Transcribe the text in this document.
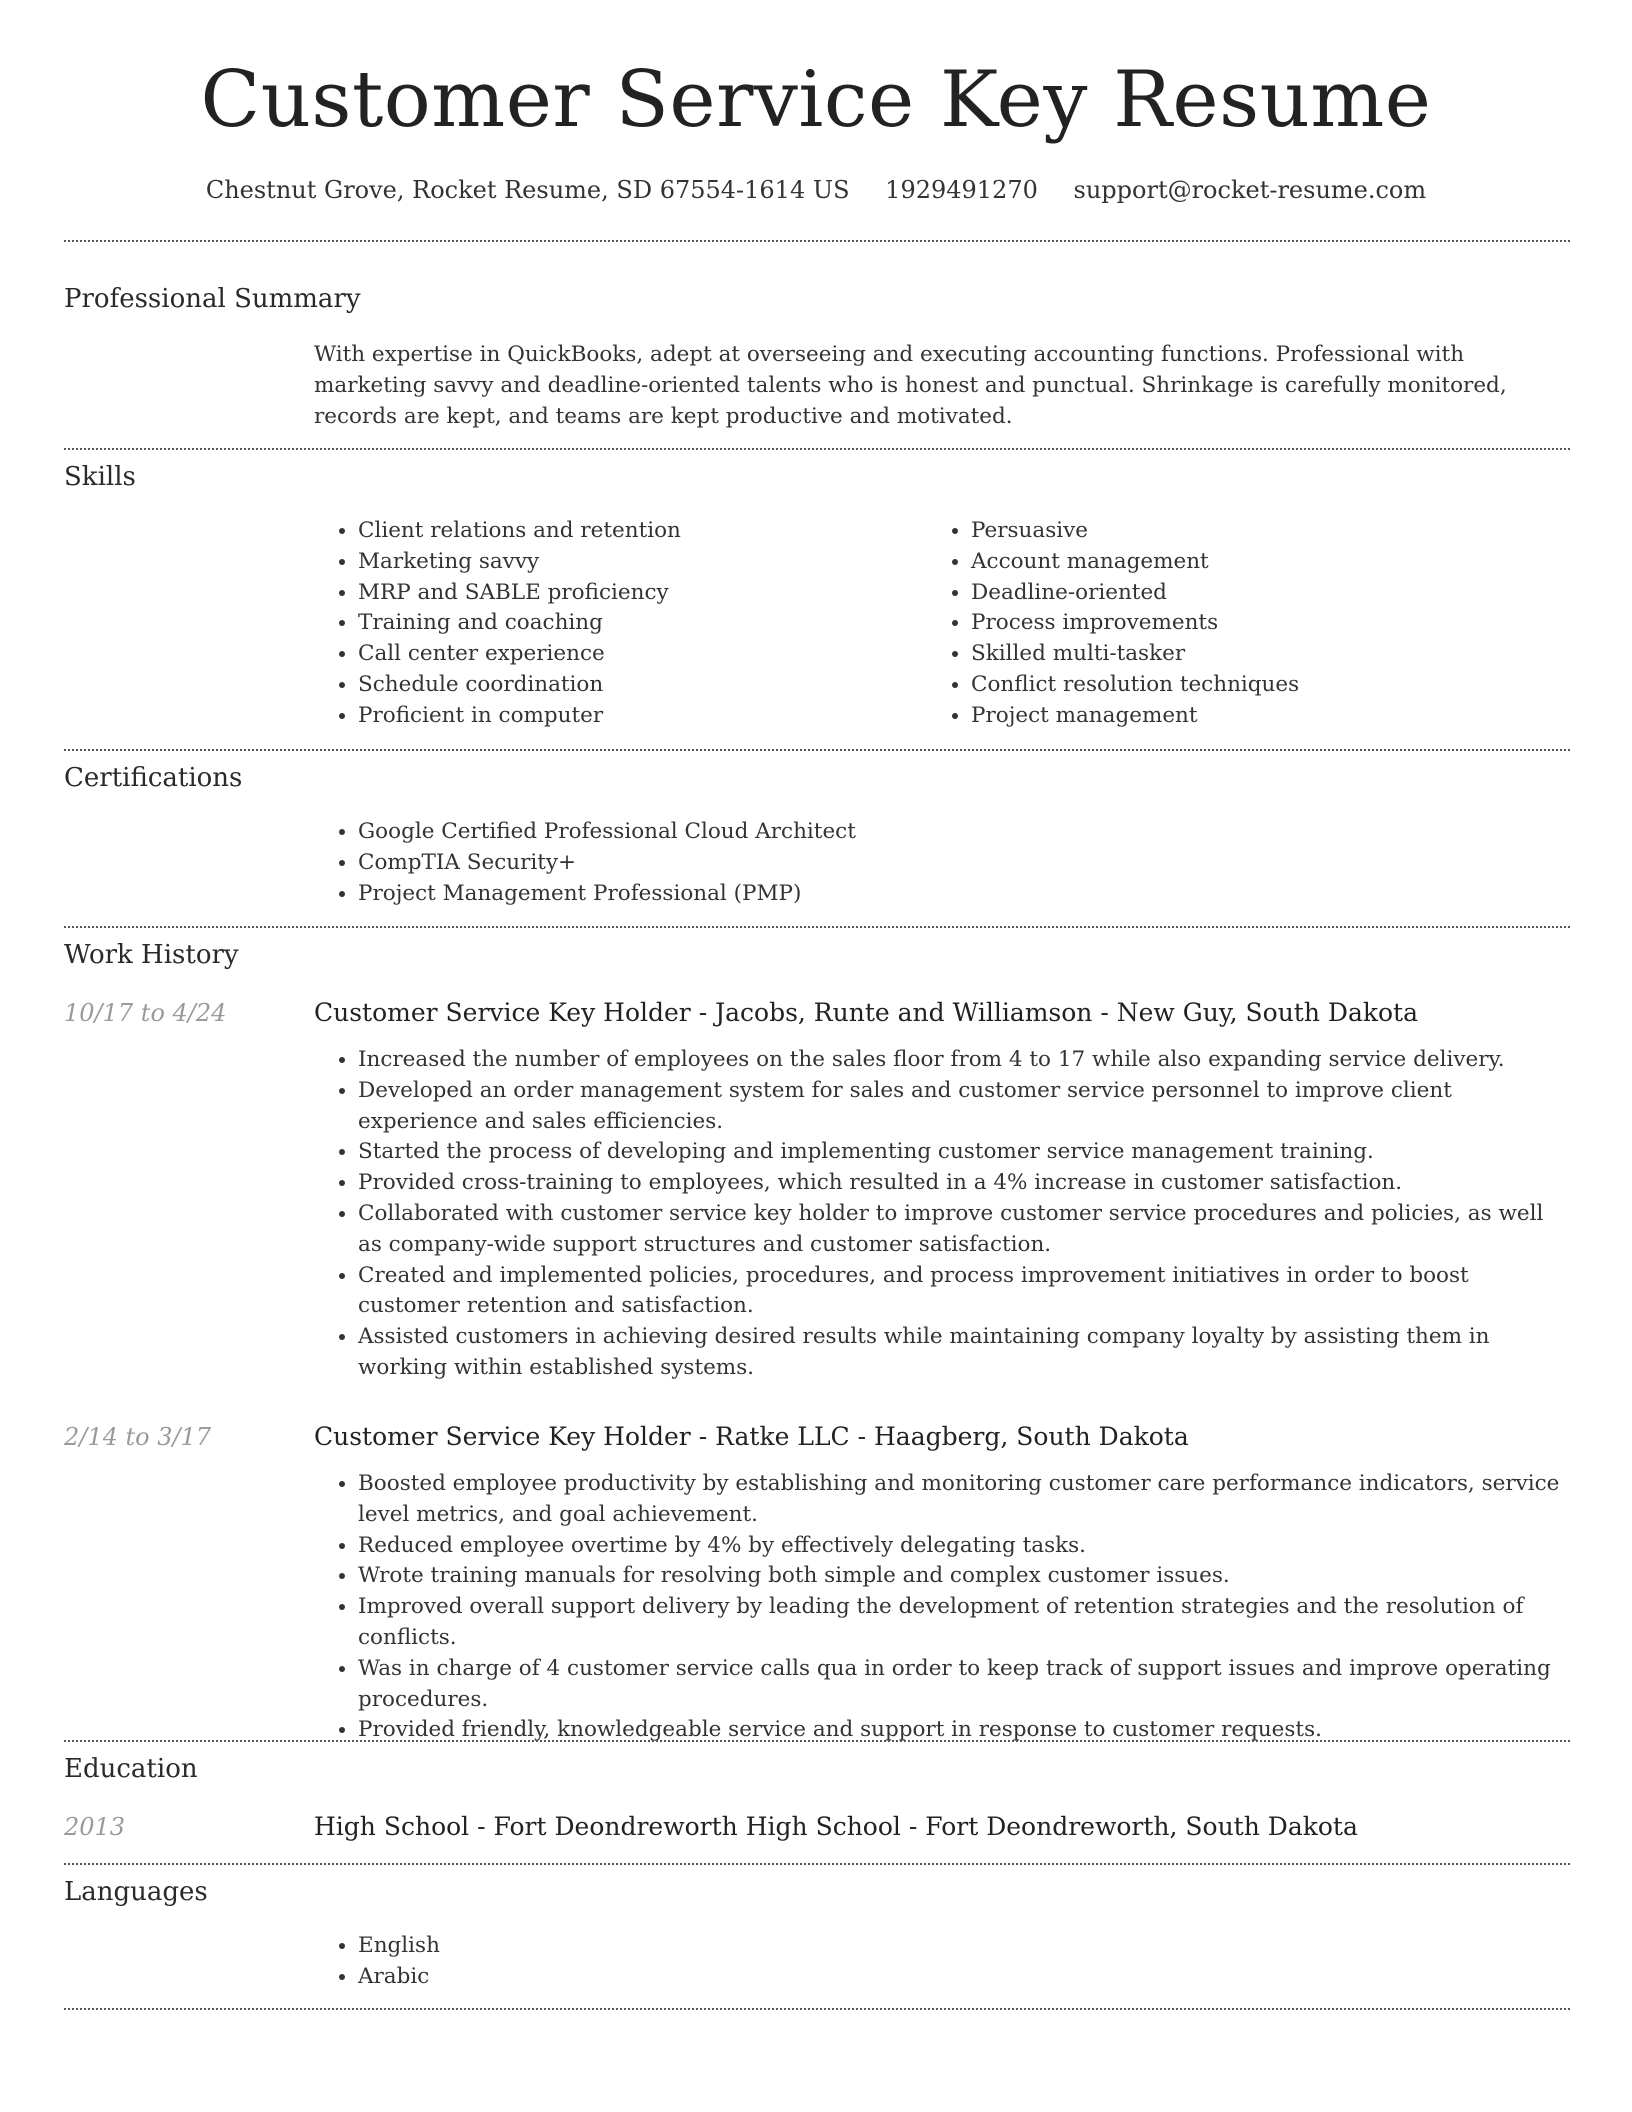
Customer Service Key Resume
Chestnut Grove, Rocket Resume, SD 67554-1614 US 1929491270 support@rocket-resume.com
Professional Summary
With expertise in QuickBooks, adept at overseeing and executing accounting functions. Professional with marketing savvy and deadline-oriented talents who is honest and punctual. Shrinkage is carefully monitored, records are kept, and teams are kept productive and motivated.
Skills
• Client relations and retention
• Marketing savvy
• MRP and SABLE proficiency
• Training and coaching
• Call center experience
• Schedule coordination
• Proficient in computer
• Persuasive
• Account management
• Deadline-oriented
• Process improvements
• Skilled multi-tasker
• Conflict resolution techniques
• Project management
Certifications
• Google Certified Professional Cloud Architect
• CompTIA Security+
• Project Management Professional (PMP)
Work History
10/17 to 4/24	Customer Service Key Holder - Jacobs, Runte and Williamson - New Guy, South Dakota
• Increased the number of employees on the sales floor from 4 to 17 while also expanding service delivery.
• Developed an order management system for sales and customer service personnel to improve client experience and sales efficiencies.
• Started the process of developing and implementing customer service management training.
• Provided cross-training to employees, which resulted in a 4% increase in customer satisfaction.
• Collaborated with customer service key holder to improve customer service procedures and policies, as well as company-wide support structures and customer satisfaction.
• Created and implemented policies, procedures, and process improvement initiatives in order to boost customer retention and satisfaction.
• Assisted customers in achieving desired results while maintaining company loyalty by assisting them in working within established systems.
2/14 to 3/17	Customer Service Key Holder - Ratke LLC - Haagberg, South Dakota
• Boosted employee productivity by establishing and monitoring customer care performance indicators, service level metrics, and goal achievement.
• Reduced employee overtime by 4% by effectively delegating tasks.
• Wrote training manuals for resolving both simple and complex customer issues.
• Improved overall support delivery by leading the development of retention strategies and the resolution of conflicts.
• Was in charge of 4 customer service calls qua in order to keep track of support issues and improve operating procedures.
• Provided friendly, knowledgeable service and support in response to customer requests.
Education
2013	High School - Fort Deondreworth High School - Fort Deondreworth, South Dakota
Languages
• English
• Arabic
